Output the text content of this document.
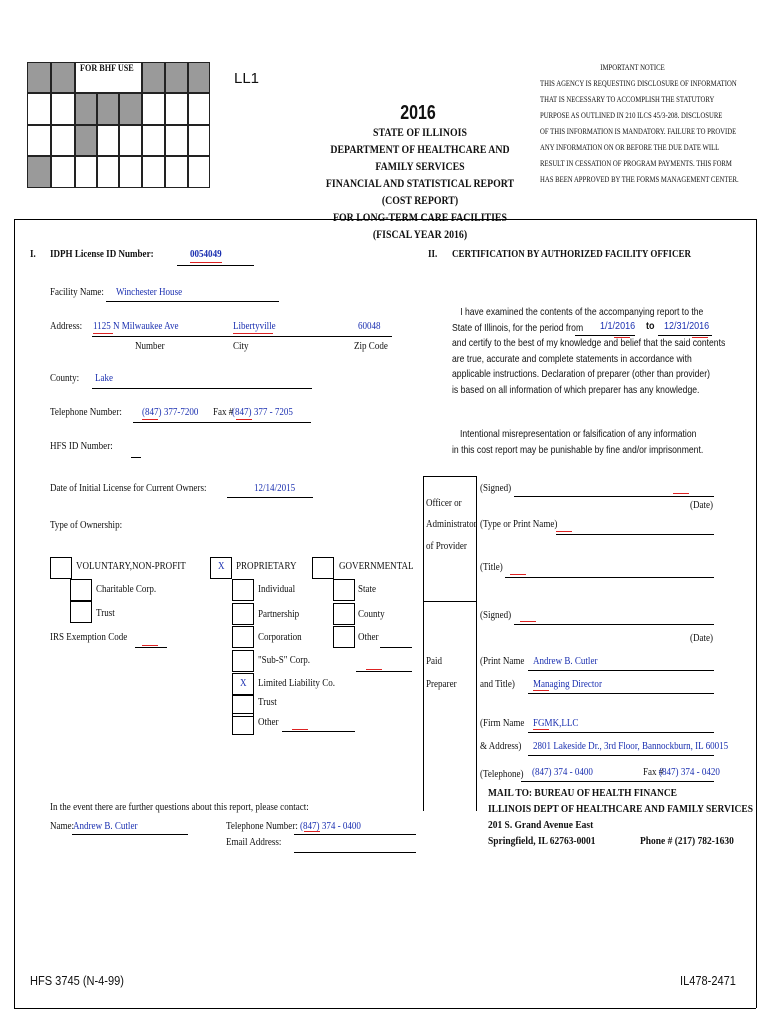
FOR BHF USE
LL1
2016
STATE OF ILLINOIS
DEPARTMENT OF HEALTHCARE AND FAMILY SERVICES
FINANCIAL AND STATISTICAL REPORT (COST REPORT)
FOR LONG-TERM CARE FACILITIES
(FISCAL YEAR 2016)
IMPORTANT NOTICE
THIS AGENCY IS REQUESTING DISCLOSURE OF INFORMATION
THAT IS NECESSARY TO ACCOMPLISH THE STATUTORY
PURPOSE AS OUTLINED IN 210 ILCS 45/3-208. DISCLOSURE
OF THIS INFORMATION IS MANDATORY. FAILURE TO PROVIDE
ANY INFORMATION ON OR BEFORE THE DUE DATE WILL
RESULT IN CESSATION OF PROGRAM PAYMENTS. THIS FORM
HAS BEEN APPROVED BY THE FORMS MANAGEMENT CENTER.
I. IDPH License ID Number:	0054049
Facility Name: Winchester House
Address: 1125 N Milwaukee Ave	Libertyville	60048
Number	City	Zip Code
County: Lake
Telephone Number: (847) 377-7200 Fax #
(847) 377 - 7205
HFS ID Number:
Date of Initial License for Current Owners:	12/14/2015
Type of Ownership:
VOLUNTARY,NON-PROFIT
Charitable Corp.
Trust
IRS Exemption Code
X PROPRIETARY
Individual
Partnership
Corporation
"Sub-S" Corp.
X Limited Liability Co.
Trust
Other
GOVERNMENTAL
State
County
Other
In the event there are further questions about this report, please contact:
Name:
Andrew B. Cutler	Telephone Number: (847) 374 - 0400
Email Address:
II. CERTIFICATION BY AUTHORIZED FACILITY OFFICER
I have examined the contents of the accompanying report to the
State of Illinois, for the period from
and certify to the best of my knowledge and belief that the said contents
are true, accurate and complete statements in accordance with
applicable instructions. Declaration of preparer (other than provider)
is based on all information of which preparer has any knowledge.
1/1/2016 to 12/31/2016
Intentional misrepresentation or falsification of any information
in this cost report may be punishable by fine and/or imprisonment.
Officer or
Administrator
of Provider
(Signed)
(Date)
(Type or Print Name)
(Title)
Paid
Preparer
(Signed)
(Date)
(Print Name Andrew B. Cutler
and Title) Managing Director
(Firm Name FGMK,LLC
& Address) 2801 Lakeside Dr., 3rd Floor, Bannockburn, IL 60015
(Telephone) (847) 374 - 0400	Fax #
(847) 374 - 0420
MAIL TO: BUREAU OF HEALTH FINANCE
ILLINOIS DEPT OF HEALTHCARE AND FAMILY SERVICES
201 S. Grand Avenue East
Springfield, IL 62763-0001	Phone # (217) 782-1630
HFS 3745 (N-4-99)	IL478-2471
